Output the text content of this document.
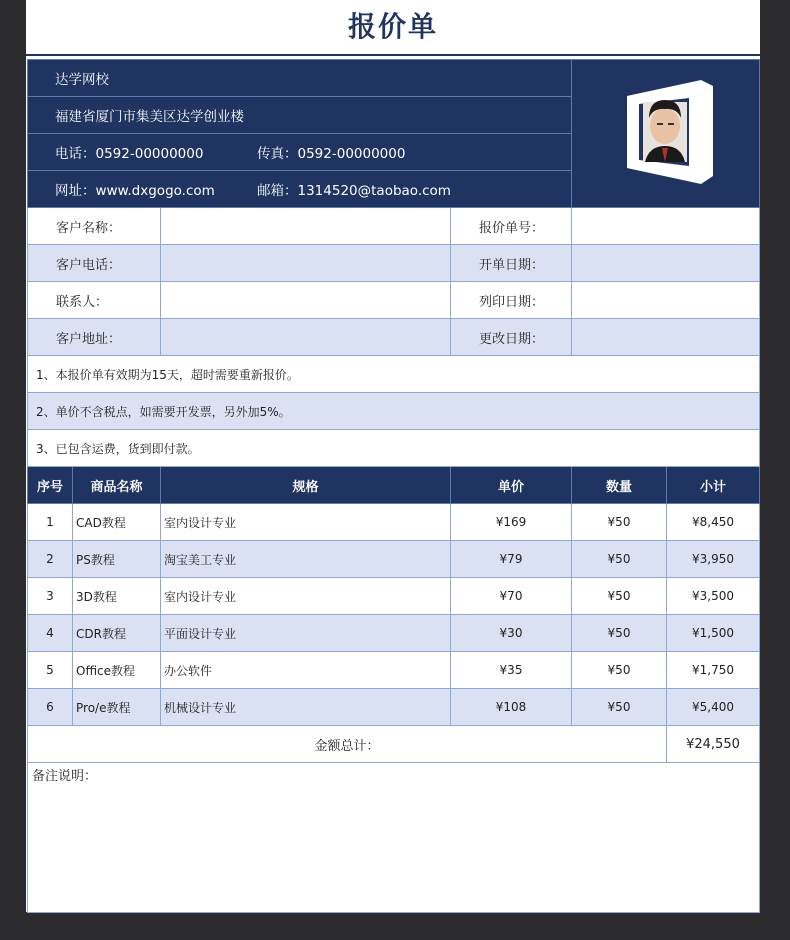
报价单
达学网校	
福建省厦门市集美区达学创业楼					
电话：0592-00000000 传真：0592-00000000					
网址：www.dxgogo.com 邮箱：1314520@taobao.com					
客户名称：			报价单号：		
客户电话：			开单日期：		
联系人：			列印日期：		
客户地址：			更改日期：		
1、本报价单有效期为15天，超时需要重新报价。					
2、单价不含税点，如需要开发票，另外加5%。					
3、已包含运费，货到即付款。					
序号	商品名称	规格	单价	数量	小计
1	CAD教程	室内设计专业	¥169	¥50	¥8,450
2	PS教程	淘宝美工专业	¥79	¥50	¥3,950
3	3D教程	室内设计专业	¥70	¥50	¥3,500
4	CDR教程	平面设计专业	¥30	¥50	¥1,500
5	Office教程	办公软件	¥35	¥50	¥1,750
6	Pro/e教程	机械设计专业	¥108	¥50	¥5,400
金额总计：					¥24,550
备注说明：					
